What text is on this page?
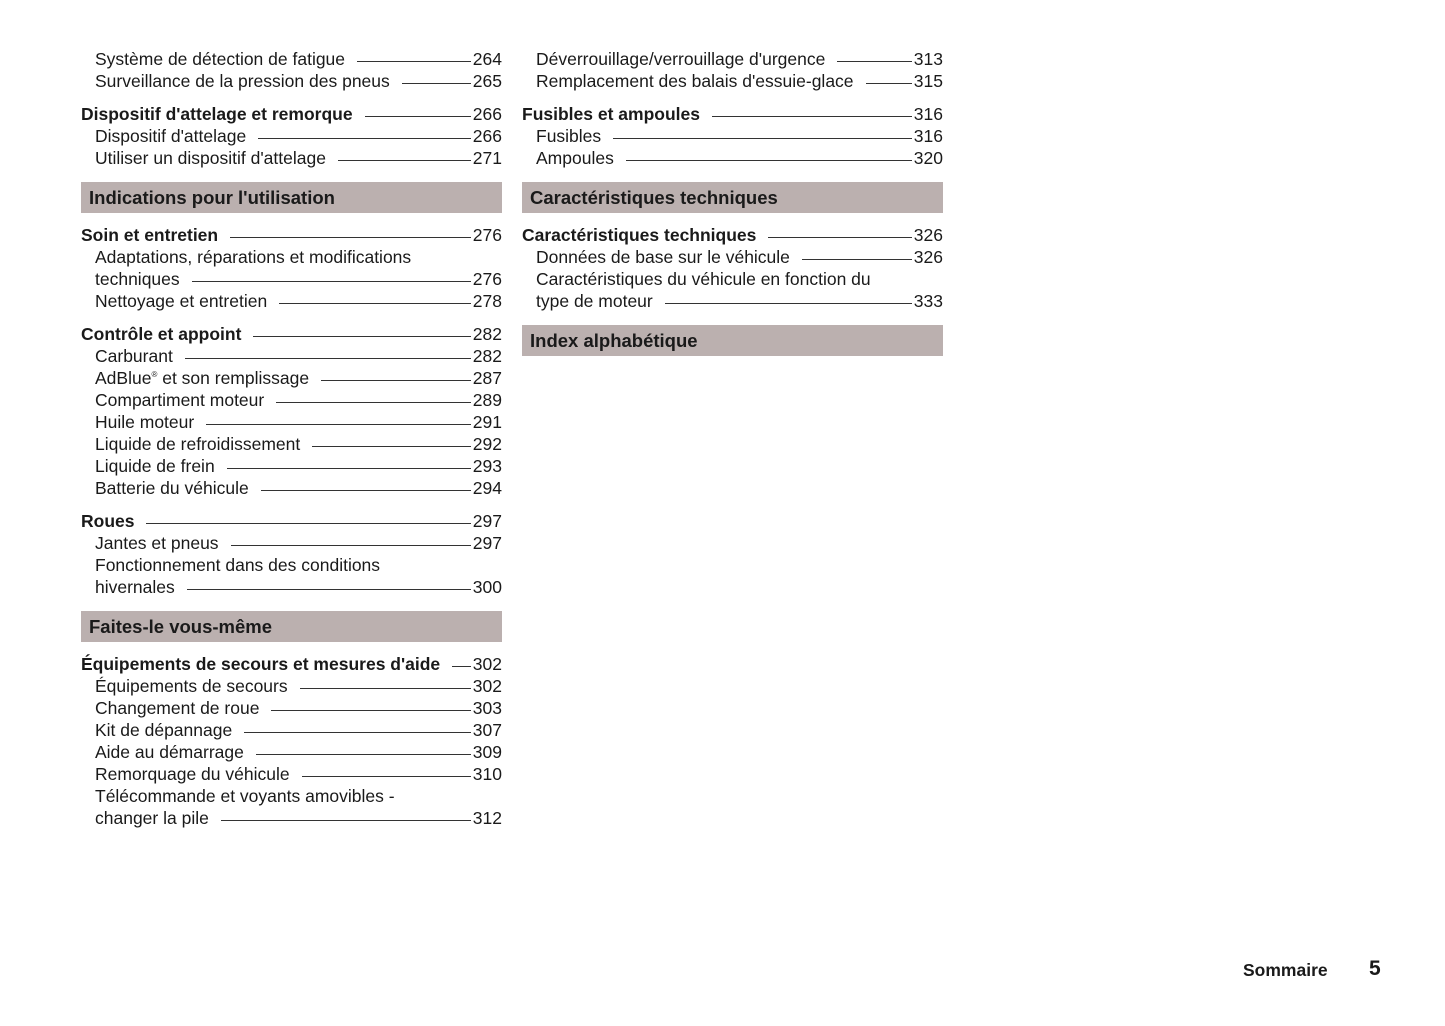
Système de détection de fatigue	264
Surveillance de la pression des pneus	265
Dispositif d'attelage et remorque	266
Dispositif d'attelage	266
Utiliser un dispositif d'attelage	271
Indications pour l'utilisation
Soin et entretien	276
Adaptations, réparations et modifications
techniques	276
Nettoyage et entretien	278
Contrôle et appoint	282
Carburant	282
AdBlue® et son remplissage	287
Compartiment moteur	289
Huile moteur	291
Liquide de refroidissement	292
Liquide de frein	293
Batterie du véhicule	294
Roues	297
Jantes et pneus	297
Fonctionnement dans des conditions
hivernales	300
Faites-le vous-même
Équipements de secours et mesures d'aide 302
Équipements de secours	302
Changement de roue	303
Kit de dépannage	307
Aide au démarrage	309
Remorquage du véhicule	310
Télécommande et voyants amovibles -
changer la pile	312
Déverrouillage/verrouillage d'urgence	313
Remplacement des balais d'essuie-glace	315
Fusibles et ampoules	316
Fusibles	316
Ampoules	320
Caractéristiques techniques
Caractéristiques techniques	326
Données de base sur le véhicule	326
Caractéristiques du véhicule en fonction du
type de moteur	333
Index alphabétique
Sommaire 5
